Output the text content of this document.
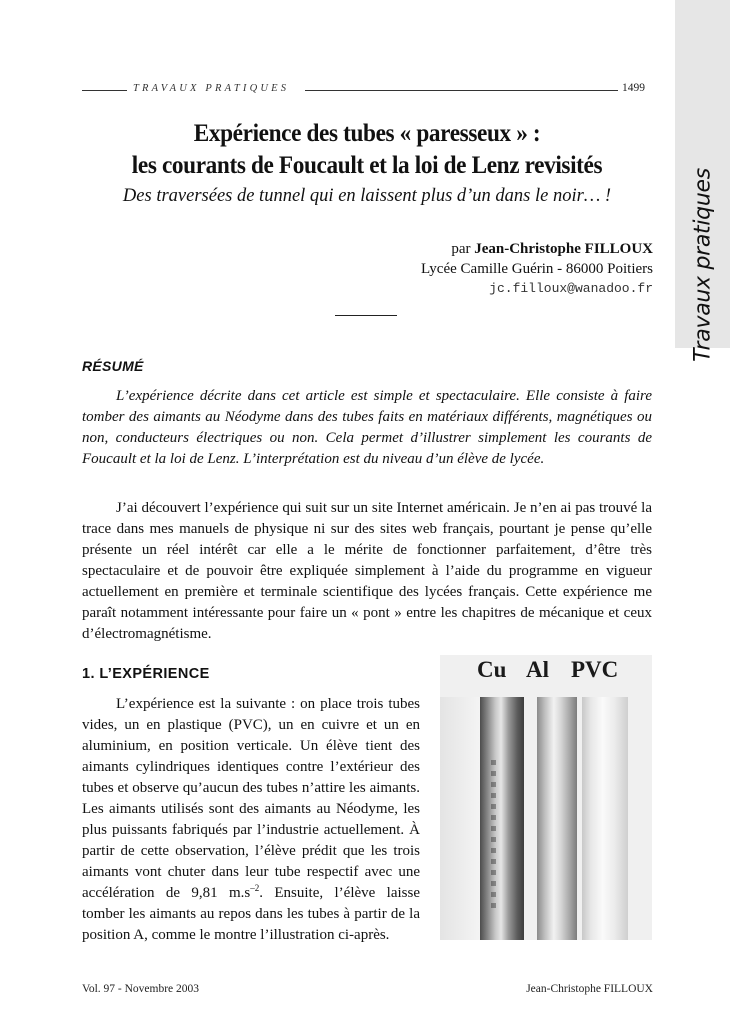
Travaux pratiques
TRAVAUX PRATIQUES	1499
Expérience des tubes « paresseux » :
les courants de Foucault et la loi de Lenz revisités

Des traversées de tunnel qui en laissent plus d’un dans le noir… !

par Jean-Christophe FILLOUX
Lycée Camille Guérin - 86000 Poitiers
jc.filloux@wanadoo.fr
RÉSUMÉ

L’expérience décrite dans cet article est simple et spectaculaire. Elle consiste à faire tomber des aimants au Néodyme dans des tubes faits en matériaux différents, magnétiques ou non, conducteurs électriques ou non. Cela permet d’illustrer simplement les courants de Foucault et la loi de Lenz. L’interprétation est du niveau d’un élève de lycée.

J’ai découvert l’expérience qui suit sur un site Internet américain. Je n’en ai pas trouvé la trace dans mes manuels de physique ni sur des sites web français, pourtant je pense qu’elle présente un réel intérêt car elle a le mérite de fonctionner parfaitement, d’être très spectaculaire et de pouvoir être expliquée simplement à l’aide du programme en vigueur actuellement en première et terminale scientifique des lycées français. Cette expérience me paraît notamment intéressante pour faire un « pont » entre les chapitres de mécanique et ceux d’électromagnétisme.

1. L’EXPÉRIENCE

L’expérience est la suivante : on place trois tubes vides, un en plastique (PVC), un en cuivre et un en aluminium, en position verticale. Un élève tient des aimants cylindriques identiques contre l’extérieur des tubes et observe qu’aucun des tubes n’attire les aimants. Les aimants utilisés sont des aimants au Néodyme, les plus puissants fabriqués par l’industrie actuellement. À partir de cette observation, l’élève prédit que les trois aimants vont chuter dans leur tube respectif avec une accélération de 9,81 $m.s^{-2}$. Ensuite, l’élève laisse tomber les aimants au repos dans les tubes à partir de la position A, comme le montre l’illustration ci-après.

Cu Al PVC
Vol. 97 - Novembre 2003	Jean-Christophe FILLOUX
